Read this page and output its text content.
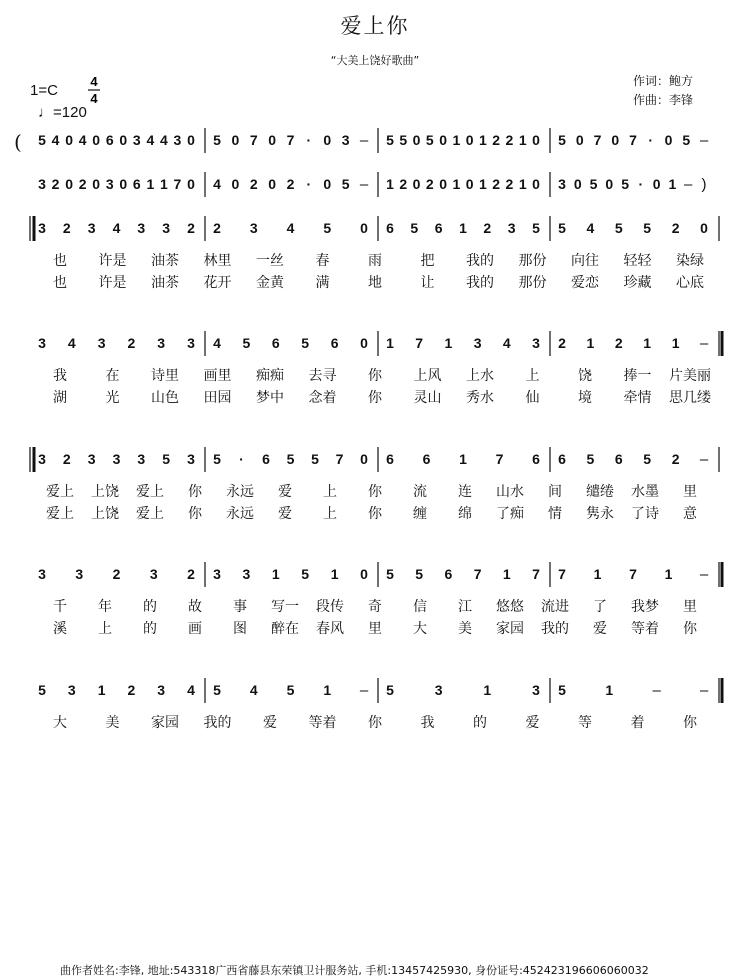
爱上你
“大美上饶好歌曲”
1=C
♩=120
作词：鲍方
作曲：李锋
曲作者姓名:李锋, 地址:543318广西省藤县东荣镇卫计服务站, 手机:13457425930, 身份证号:452423196606060032
4
4
( 5 4 0 4 0 6 0 3 4 4 3 0 5 0 7 0 7 · 0 3 – 5 5 0 5 0 1 0 1 2 2 1 0 5 0 7 0 7 · 0 5 –
3 2 0 2 0 3 0 6 1 1 7 0 4 0 2 0 2 · 0 5 – 1 2 0 2 0 1 0 1 2 2 1 0 3 0 5 0 5 · 0 1 – )
3 2 3 4 3 3 2 2 3 4 5 0 6 5 6 1 2 3 5 5 4 5 5 2 0
也 许是 油茶 林里 一丝 春	雨	把 我的 那份 向往 轻轻 染绿
也 许是 油茶 花开 金黄 满	地	让 我的 那份 爱恋 珍藏 心底
3 4 3 2 3 3 4 5 6 5 6 0 1 7 1 3 4 3 2 1 2 1 1 –
我	在 诗里 画里 痴痴 去寻 你 上风 上水 上	饶 捧一 片美丽
湖	光 山色 田园 梦中 念着 你 灵山 秀水 仙	境 牵情 思几缕
3 2 3 3 3 5 3 5 · 6 5 5 7 0 6 6 1 7 6 6 5 6 5 2 –
爱上 上饶 爱上 你 永远 爱 上 你 流 连 山水 间 缱绻 水墨 里
爱上 上饶 爱上 你 永远 爱 上 你 缠 绵 了痴 情 隽永 了诗 意
3 3 2 3 2 3 3 1 5 1 0 5 5 6 7 1 7 7 1 7 1 –
千 年 的 故 事 写一 段传 奇 信 江 悠悠 流进 了 我梦 里
溪 上 的 画 图 醉在 春风 里 大 美 家园 我的 爱 等着 你
5 3 1 2 3 4 5 4 5 1 – 5	3	1	3 5	1	–	–
大	美 家园 我的 爱 等着 你	我	的	爱	等	着	你
